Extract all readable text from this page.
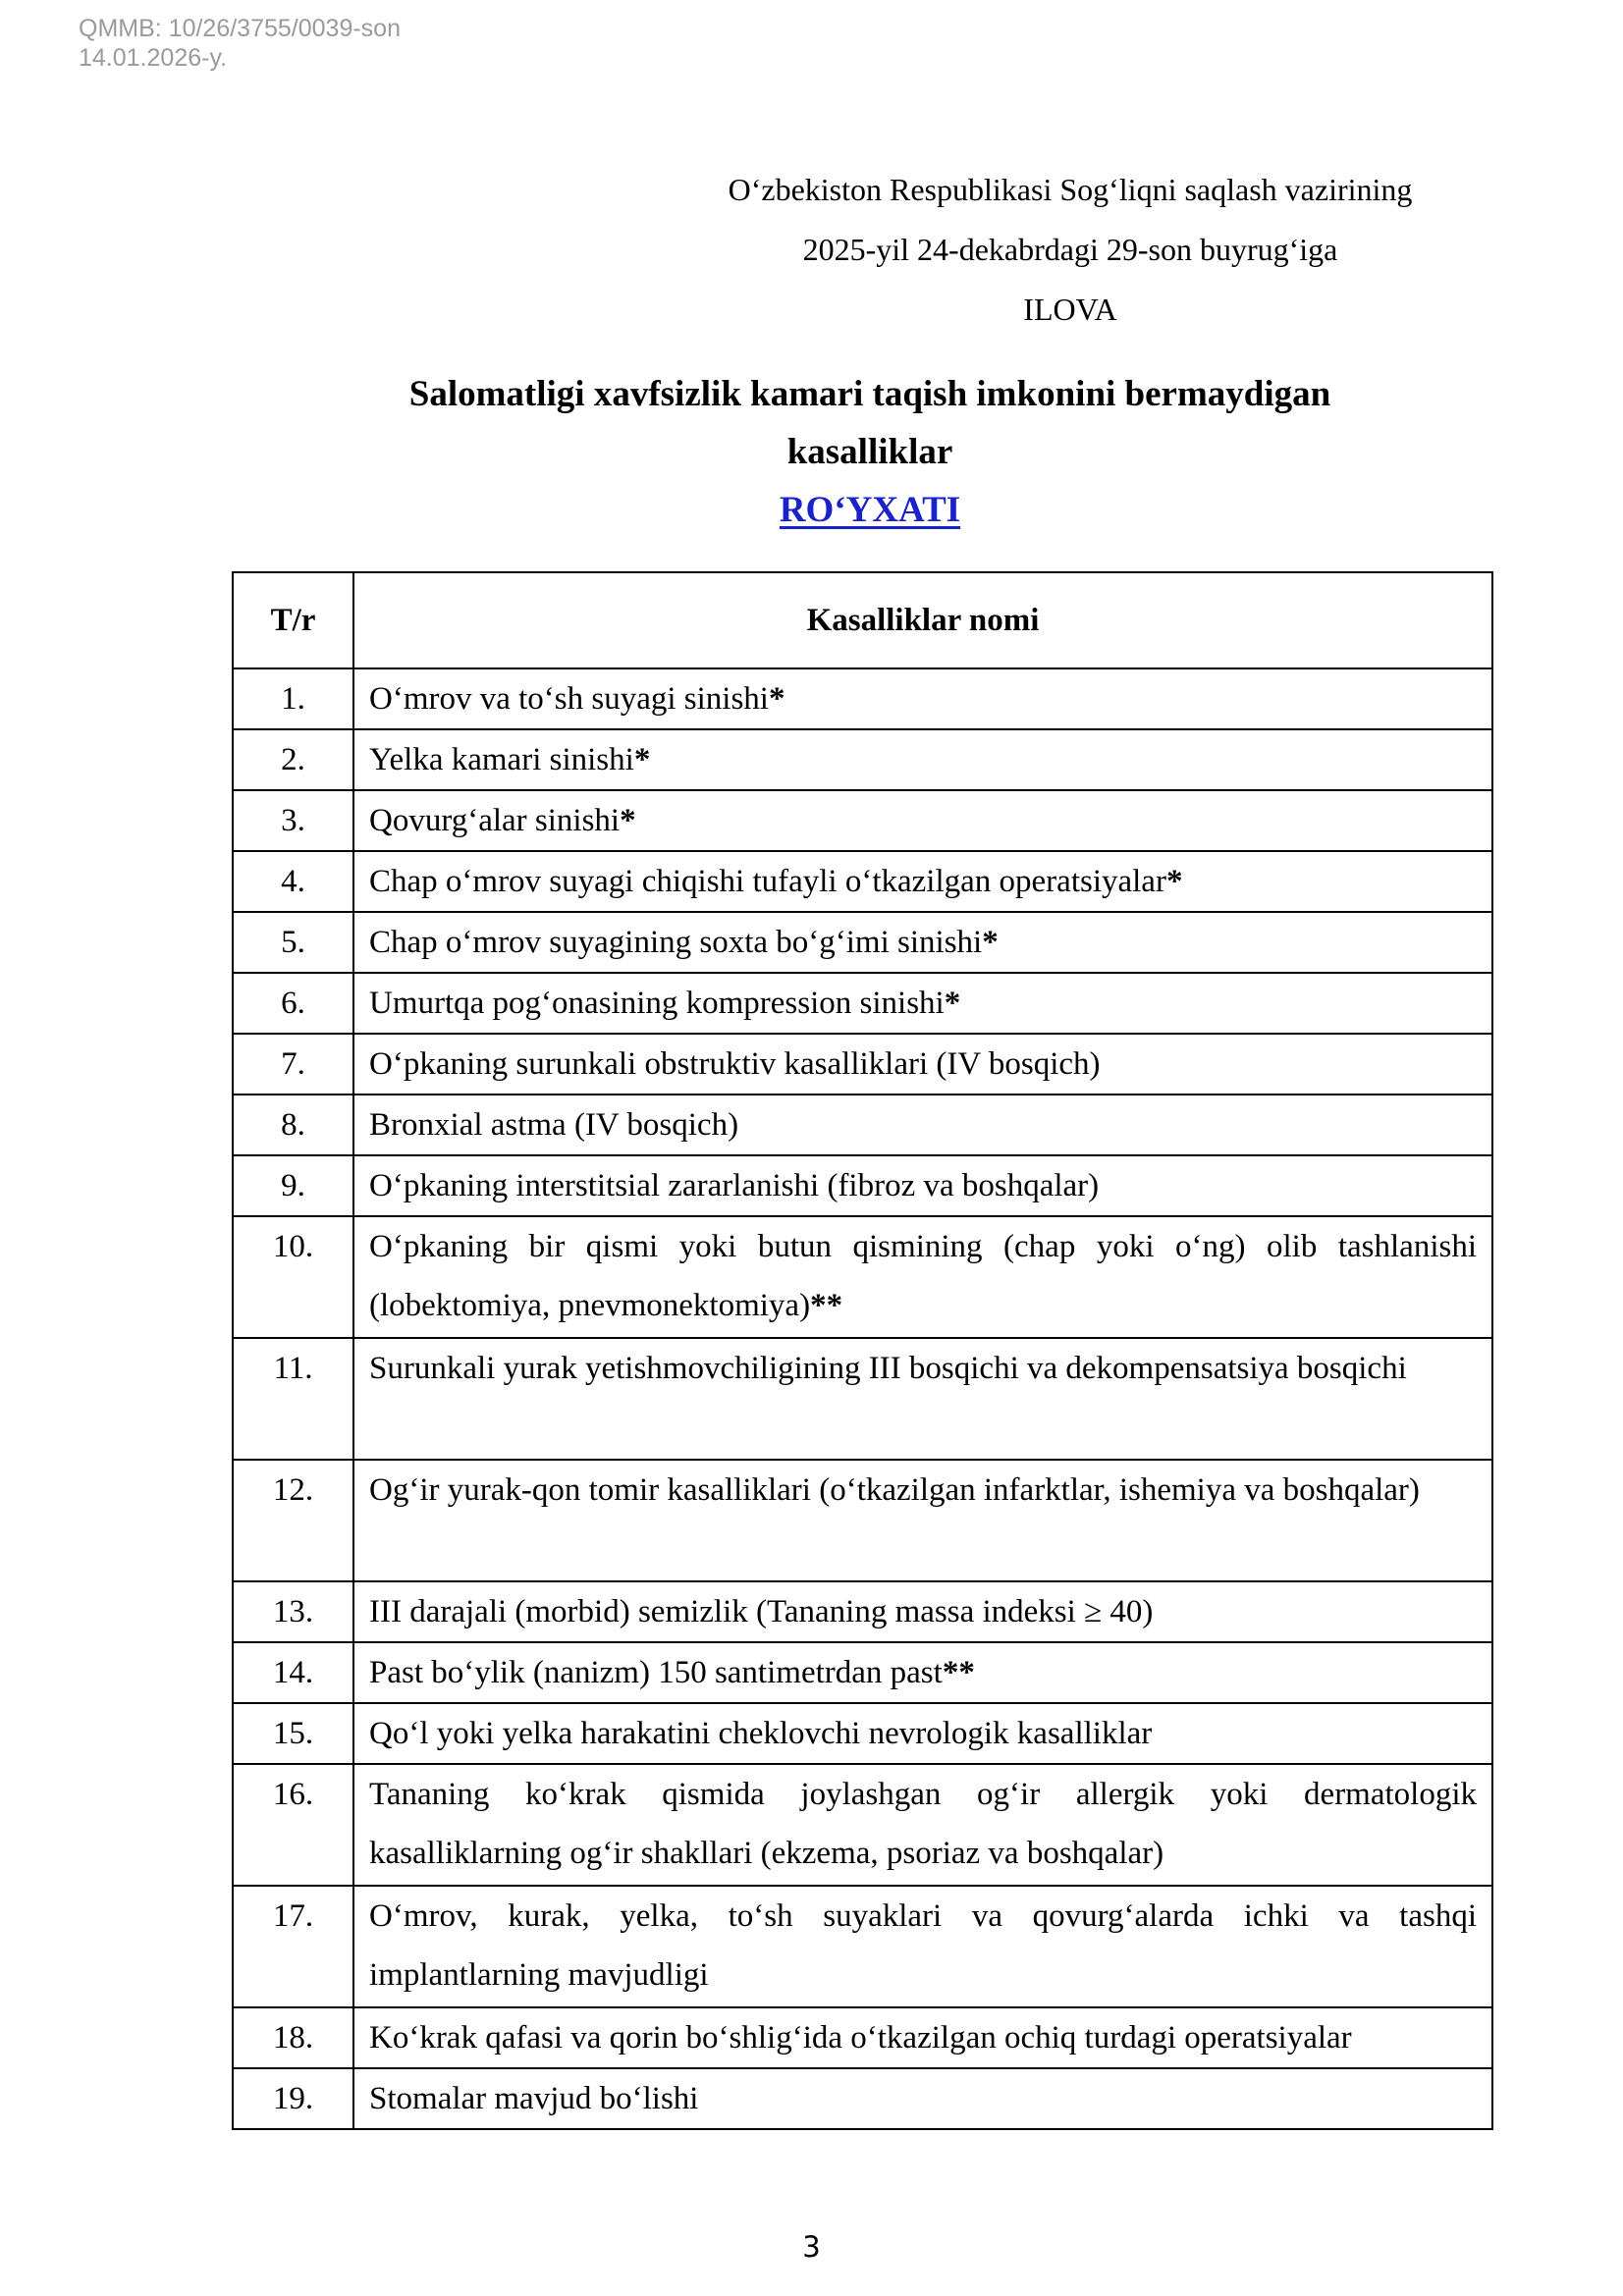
QMMB: 10/26/3755/0039-son
14.01.2026-y.
Oʻzbekiston Respublikasi Sogʻliqni saqlash vazirining
2025-yil 24-dekabrdagi 29-son buyrugʻiga
ILOVA
Salomatligi xavfsizlik kamari taqish imkonini bermaydigan
kasalliklar
ROʻYXATI
T/r	Kasalliklar nomi
1.	Oʻmrov va toʻsh suyagi sinishi*
2.	Yelka kamari sinishi*
3.	Qovurgʻalar sinishi*
4.	Chap oʻmrov suyagi chiqishi tufayli oʻtkazilgan operatsiyalar*
5.	Chap oʻmrov suyagining soxta boʻgʻimi sinishi*
6.	Umurtqa pogʻonasining kompression sinishi*
7.	Oʻpkaning surunkali obstruktiv kasalliklari (IV bosqich)
8.	Bronxial astma (IV bosqich)
9.	Oʻpkaning interstitsial zararlanishi (fibroz va boshqalar)
10.	Oʻpkaning bir qismi yoki butun qismining (chap yoki oʻng) olib tashlanishi (lobektomiya, pnevmonektomiya)**
11.	Surunkali yurak yetishmovchiligining III bosqichi va dekompensatsiya bosqichi
12.	Ogʻir yurak-qon tomir kasalliklari (oʻtkazilgan infarktlar, ishemiya va boshqalar)
13.	III darajali (morbid) semizlik (Tananing massa indeksi ≥ 40)
14.	Past boʻylik (nanizm) 150 santimetrdan past**
15.	Qoʻl yoki yelka harakatini cheklovchi nevrologik kasalliklar
16.	Tananing koʻkrak qismida joylashgan ogʻir allergik yoki dermatologik kasalliklarning ogʻir shakllari (ekzema, psoriaz va boshqalar)
17.	Oʻmrov, kurak, yelka, toʻsh suyaklari va qovurgʻalarda ichki va tashqi implantlarning mavjudligi
18.	Koʻkrak qafasi va qorin boʻshligʻida oʻtkazilgan ochiq turdagi operatsiyalar
19.	Stomalar mavjud boʻlishi
3
